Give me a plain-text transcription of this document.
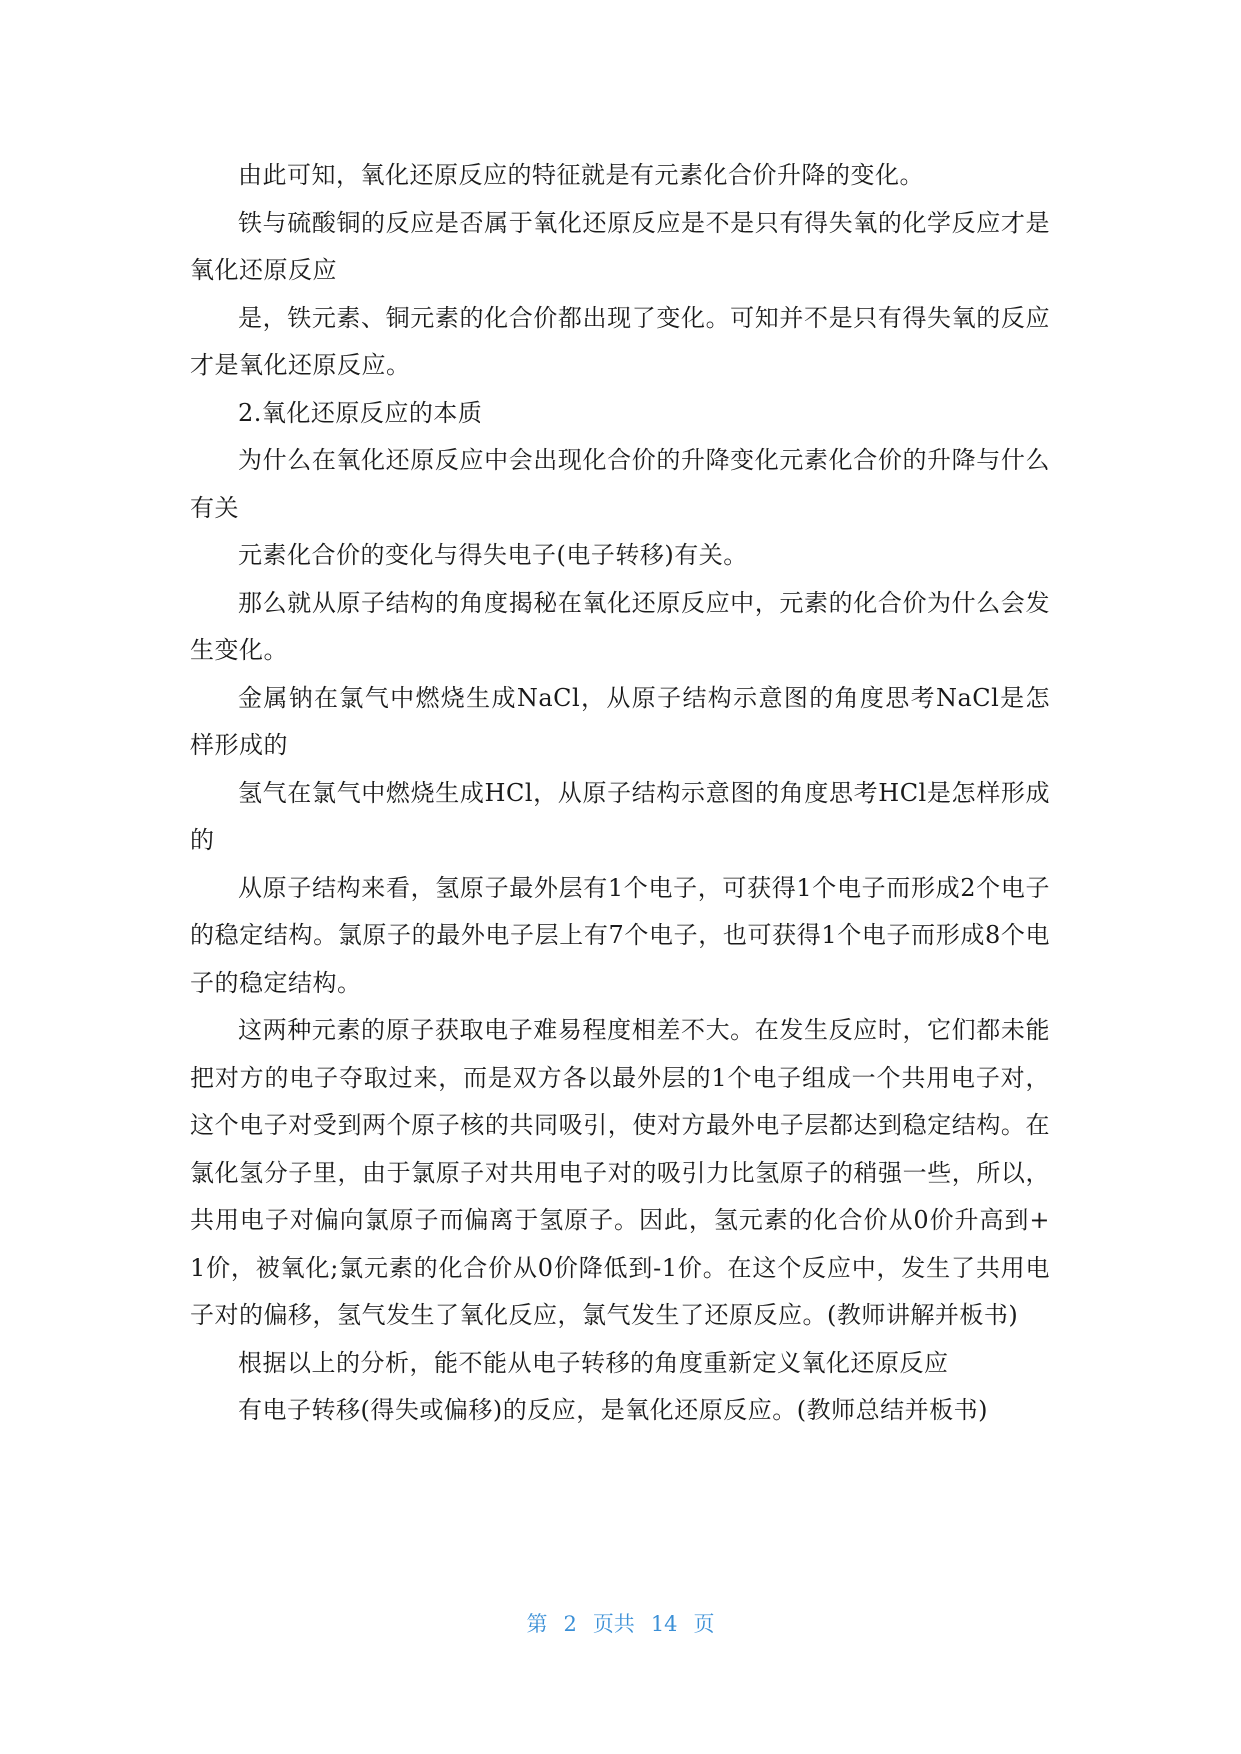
由此可知，氧化还原反应的特征就是有元素化合价升降的变化。

铁与硫酸铜的反应是否属于氧化还原反应是不是只有得失氧的化学反应才是氧化还原反应

是，铁元素、铜元素的化合价都出现了变化。可知并不是只有得失氧的反应才是氧化还原反应。

2.氧化还原反应的本质

为什么在氧化还原反应中会出现化合价的升降变化元素化合价的升降与什么有关

元素化合价的变化与得失电子(电子转移)有关。

那么就从原子结构的角度揭秘在氧化还原反应中，元素的化合价为什么会发生变化。

金属钠在氯气中燃烧生成NaCl，从原子结构示意图的角度思考NaCl是怎样形成的

氢气在氯气中燃烧生成HCl，从原子结构示意图的角度思考HCl是怎样形成的

从原子结构来看，氢原子最外层有1个电子，可获得1个电子而形成2个电子的稳定结构。氯原子的最外电子层上有7个电子，也可获得1个电子而形成8个电子的稳定结构。

这两种元素的原子获取电子难易程度相差不大。在发生反应时，它们都未能把对方的电子夺取过来，而是双方各以最外层的1个电子组成一个共用电子对，这个电子对受到两个原子核的共同吸引，使对方最外电子层都达到稳定结构。在氯化氢分子里，由于氯原子对共用电子对的吸引力比氢原子的稍强一些，所以，共用电子对偏向氯原子而偏离于氢原子。因此，氢元素的化合价从0价升高到+1价，被氧化;氯元素的化合价从0价降低到-1价。在这个反应中，发生了共用电子对的偏移，氢气发生了氧化反应，氯气发生了还原反应。(教师讲解并板书)

根据以上的分析，能不能从电子转移的角度重新定义氧化还原反应

有电子转移(得失或偏移)的反应，是氧化还原反应。(教师总结并板书)

第 2 页共 14 页
